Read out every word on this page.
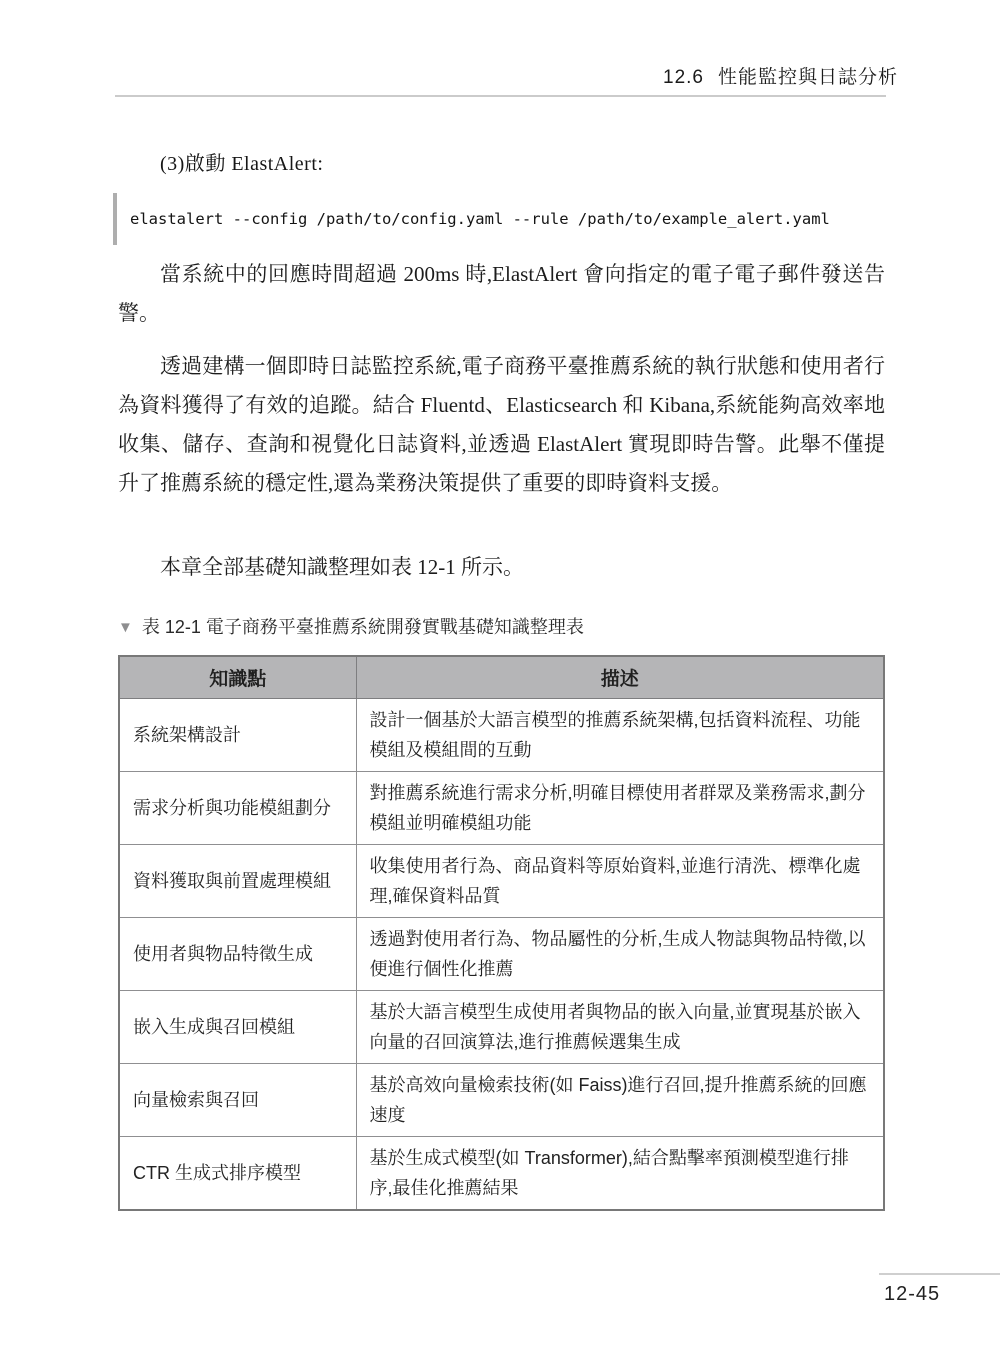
12.6 性能監控與日誌分析
(3)啟動 ElastAlert:
elastalert --config /path/to/config.yaml --rule /path/to/example_alert.yaml

當系統中的回應時間超過 200ms 時,ElastAlert 會向指定的電子電子郵件發送告警。

透過建構一個即時日誌監控系統,電子商務平臺推薦系統的執行狀態和使用者行為資料獲得了有效的追蹤。結合 Fluentd、Elasticsearch 和 Kibana,系統能夠高效率地收集、儲存、查詢和視覺化日誌資料,並透過 ElastAlert 實現即時告警。此舉不僅提升了推薦系統的穩定性,還為業務決策提供了重要的即時資料支援。

本章全部基礎知識整理如表 12-1 所示。

▼ 表 12-1 電子商務平臺推薦系統開發實戰基礎知識整理表
知識點	描述
系統架構設計	設計一個基於大語言模型的推薦系統架構,包括資料流程、功能模組及模組間的互動
需求分析與功能模組劃分	對推薦系統進行需求分析,明確目標使用者群眾及業務需求,劃分模組並明確模組功能
資料獲取與前置處理模組	收集使用者行為、商品資料等原始資料,並進行清洗、標準化處理,確保資料品質
使用者與物品特徵生成	透過對使用者行為、物品屬性的分析,生成人物誌與物品特徵,以便進行個性化推薦
嵌入生成與召回模組	基於大語言模型生成使用者與物品的嵌入向量,並實現基於嵌入向量的召回演算法,進行推薦候選集生成
向量檢索與召回	基於高效向量檢索技術(如 Faiss)進行召回,提升推薦系統的回應速度
CTR 生成式排序模型	基於生成式模型(如 Transformer),結合點擊率預測模型進行排序,最佳化推薦結果
12-45
